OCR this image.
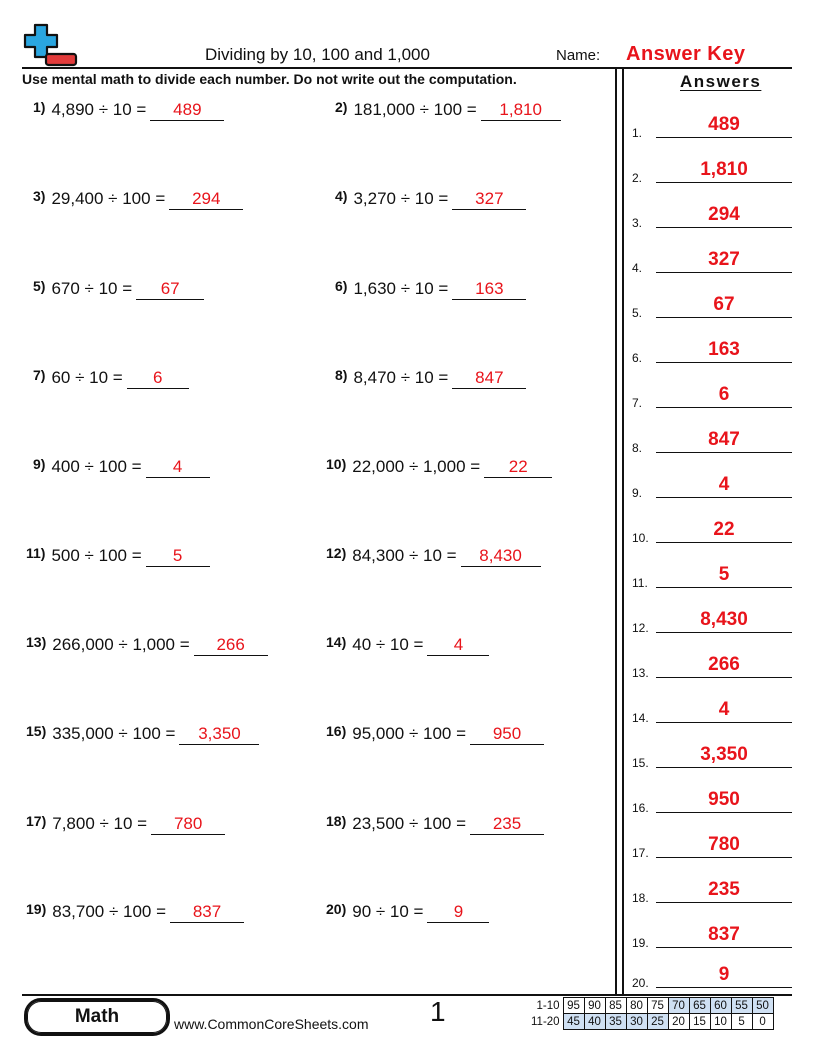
Dividing by 10, 100 and 1,000	Name: Answer Key
Use mental math to divide each number. Do not write out the computation.
1) 4,890 ÷ 10 = 489	2) 181,000 ÷ 100 = 1,810
3) 29,400 ÷ 100 = 294	4) 3,270 ÷ 10 = 327
5) 670 ÷ 10 = 67	6) 1,630 ÷ 10 = 163
7) 60 ÷ 10 = 6	8) 8,470 ÷ 10 = 847
9) 400 ÷ 100 = 4	10) 22,000 ÷ 1,000 = 22
11) 500 ÷ 100 = 5	12) 84,300 ÷ 10 = 8,430
13) 266,000 ÷ 1,000 = 266	14) 40 ÷ 10 = 4
15) 335,000 ÷ 100 = 3,350	16) 95,000 ÷ 100 = 950
17) 7,800 ÷ 10 = 780	18) 23,500 ÷ 100 = 235
19) 83,700 ÷ 100 = 837	20) 90 ÷ 10 = 9
Answers
1.	489
2.	1,810
3.	294
4.	327
5.	67
6.	163
7.	6
8.	847
9.	4
10.	22
11.	5
12.	8,430
13.	266
14.	4
15.	3,350
16.	950
17.	780
18.	235
19.	837
20.	9
Math	www.CommonCoreSheets.com 1	1-10	95	90	85	80	75	70	65	60	55	50
11-20	45	40	35	30	25	20	15	10	5	0
